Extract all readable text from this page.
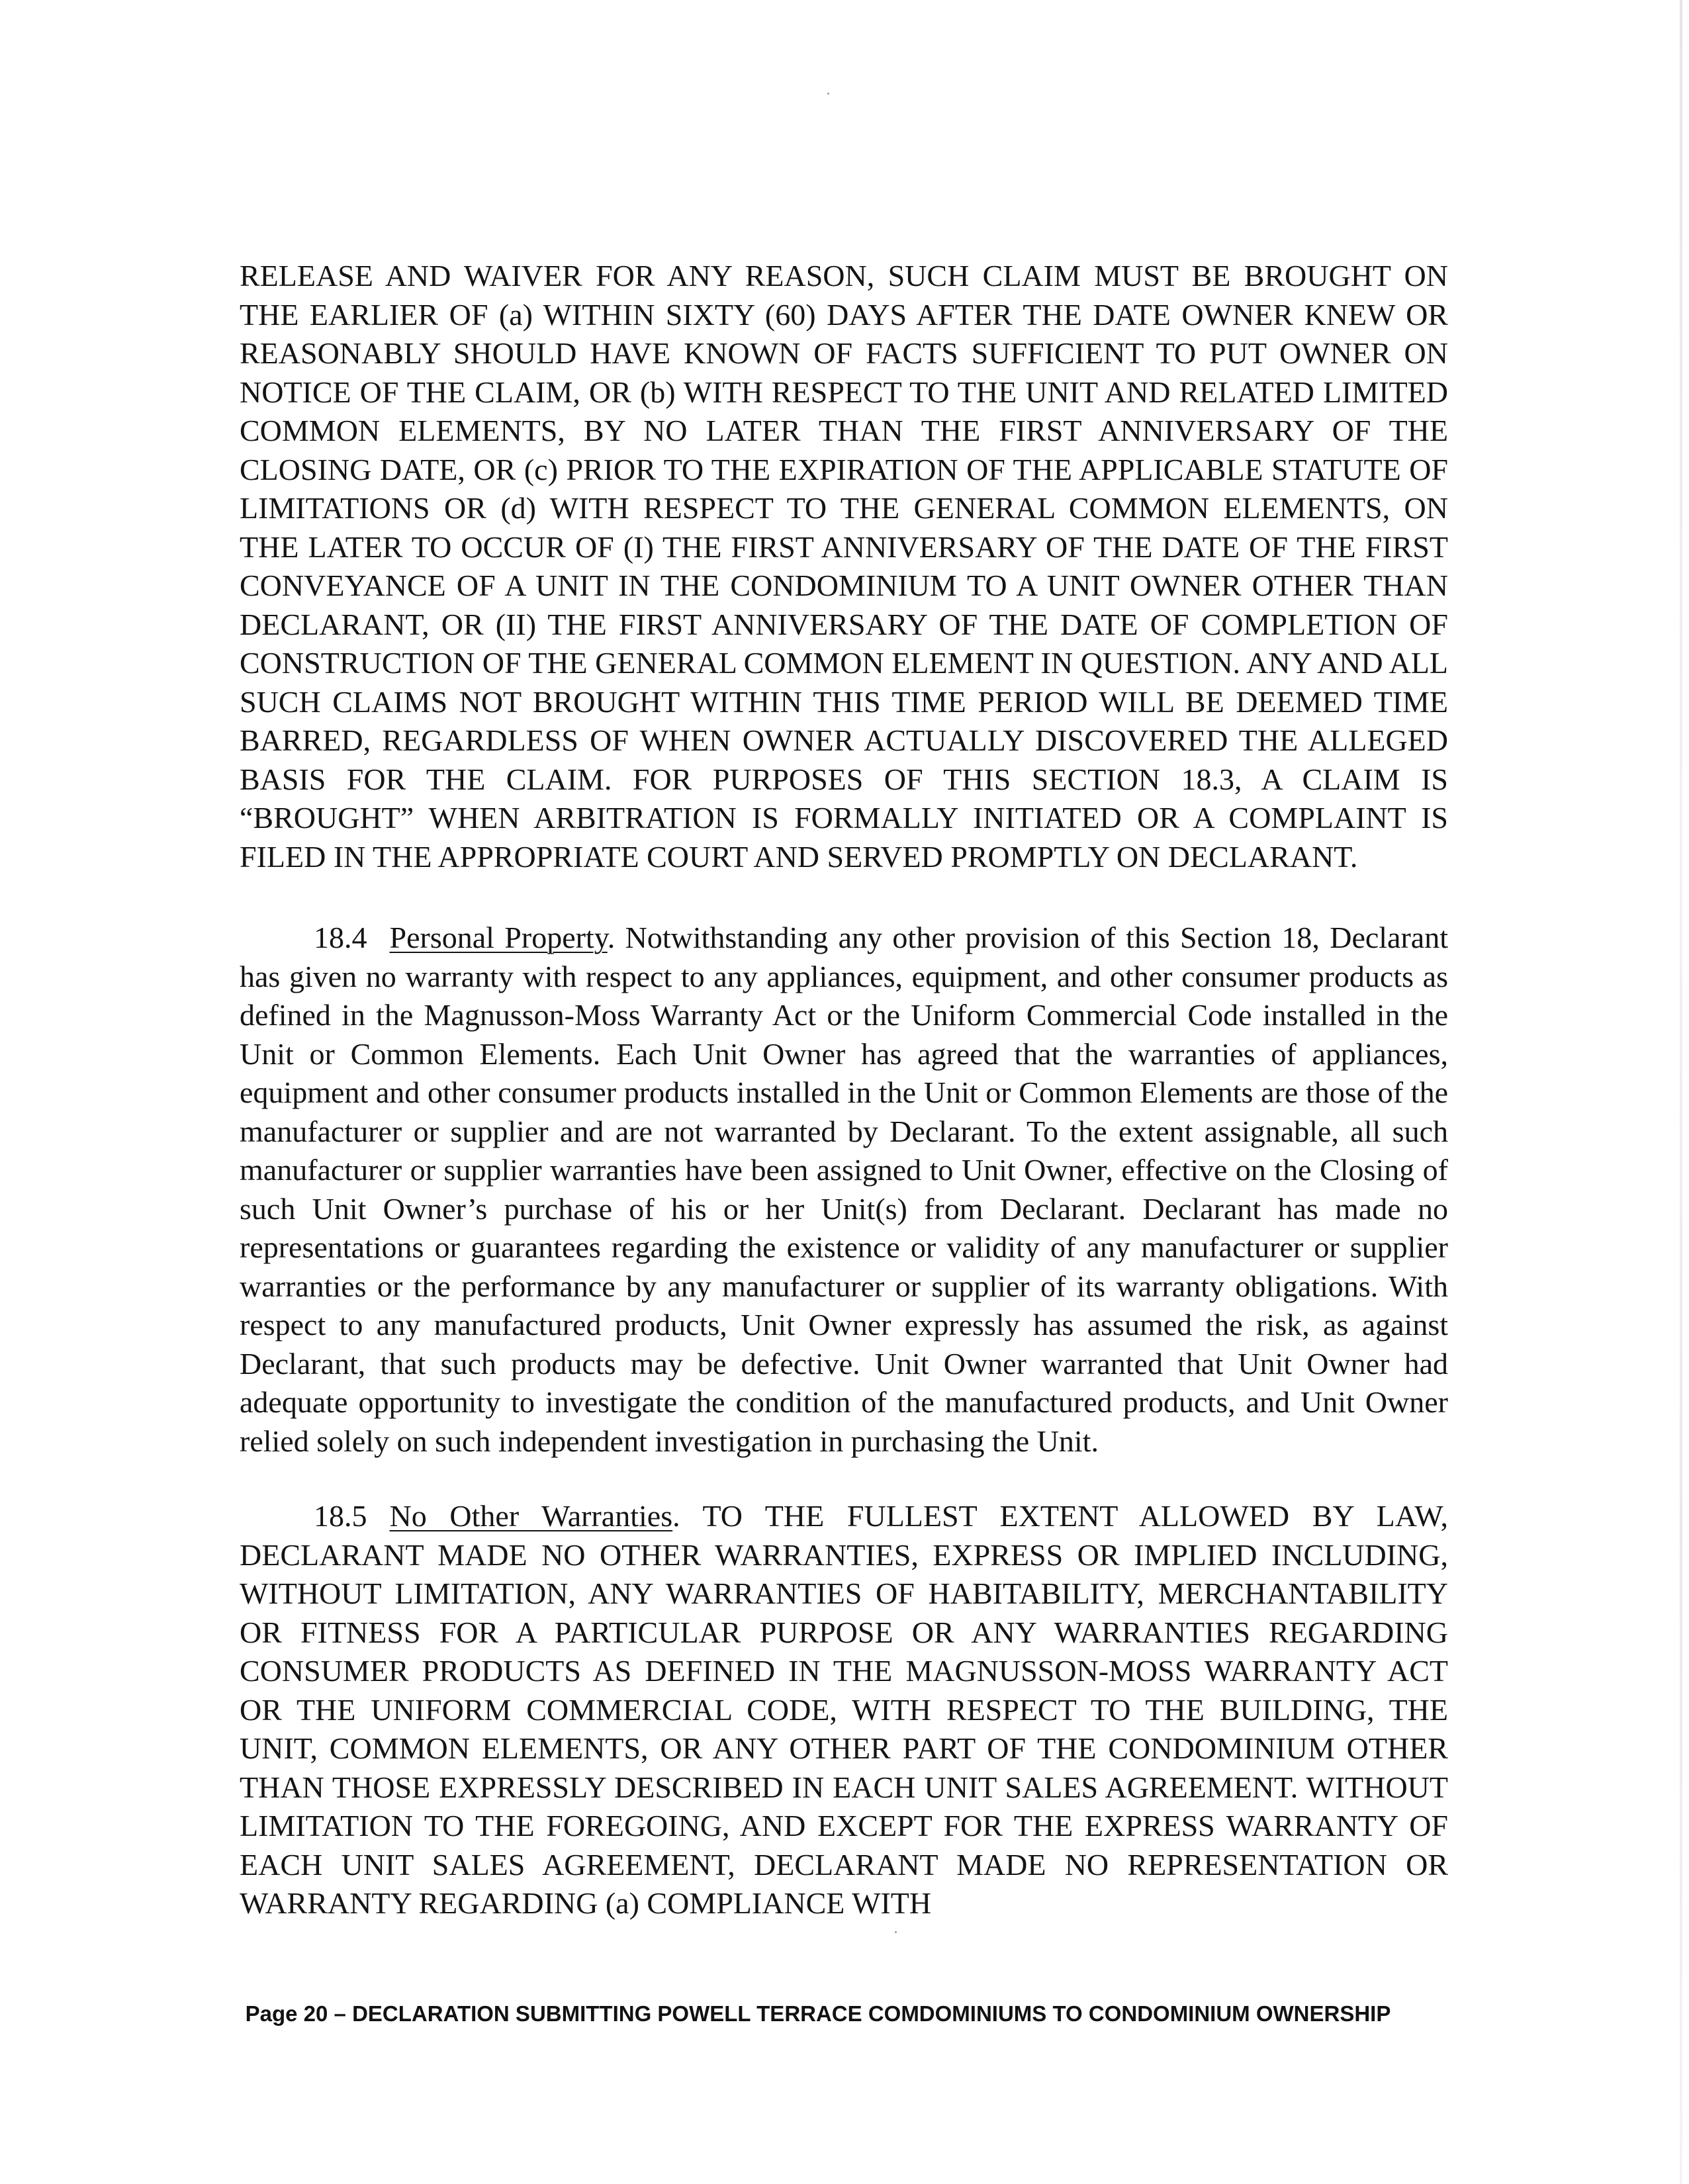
RELEASE AND WAIVER FOR ANY REASON, SUCH CLAIM MUST BE BROUGHT ON THE EARLIER OF (a) WITHIN SIXTY (60) DAYS AFTER THE DATE OWNER KNEW OR REASONABLY SHOULD HAVE KNOWN OF FACTS SUFFICIENT TO PUT OWNER ON NOTICE OF THE CLAIM, OR (b) WITH RESPECT TO THE UNIT AND RELATED LIMITED COMMON ELEMENTS, BY NO LATER THAN THE FIRST ANNIVERSARY OF THE CLOSING DATE, OR (c) PRIOR TO THE EXPIRATION OF THE APPLICABLE STATUTE OF LIMITATIONS OR (d) WITH RESPECT TO THE GENERAL COMMON ELEMENTS, ON THE LATER TO OCCUR OF (I) THE FIRST ANNIVERSARY OF THE DATE OF THE FIRST CONVEYANCE OF A UNIT IN THE CONDOMINIUM TO A UNIT OWNER OTHER THAN DECLARANT, OR (II) THE FIRST ANNIVERSARY OF THE DATE OF COMPLETION OF CONSTRUCTION OF THE GENERAL COMMON ELEMENT IN QUESTION. ANY AND ALL SUCH CLAIMS NOT BROUGHT WITHIN THIS TIME PERIOD WILL BE DEEMED TIME BARRED, REGARDLESS OF WHEN OWNER ACTUALLY DISCOVERED THE ALLEGED BASIS FOR THE CLAIM. FOR PURPOSES OF THIS SECTION 18.3, A CLAIM IS “BROUGHT” WHEN ARBITRATION IS FORMALLY INITIATED OR A COMPLAINT IS FILED IN THE APPROPRIATE COURT AND SERVED PROMPTLY ON DECLARANT.

18.4 Personal Property. Notwithstanding any other provision of this Section 18, Declarant has given no warranty with respect to any appliances, equipment, and other consumer products as defined in the Magnusson-Moss Warranty Act or the Uniform Commercial Code installed in the Unit or Common Elements. Each Unit Owner has agreed that the warranties of appliances, equipment and other consumer products installed in the Unit or Common Elements are those of the manufacturer or supplier and are not warranted by Declarant. To the extent assignable, all such manufacturer or supplier warranties have been assigned to Unit Owner, effective on the Closing of such Unit Owner’s purchase of his or her Unit(s) from Declarant. Declarant has made no representations or guarantees regarding the existence or validity of any manufacturer or supplier warranties or the performance by any manufacturer or supplier of its warranty obligations. With respect to any manufactured products, Unit Owner expressly has assumed the risk, as against Declarant, that such products may be defective. Unit Owner warranted that Unit Owner had adequate opportunity to investigate the condition of the manufactured products, and Unit Owner relied solely on such independent investigation in purchasing the Unit.

18.5 No Other Warranties. TO THE FULLEST EXTENT ALLOWED BY LAW, DECLARANT MADE NO OTHER WARRANTIES, EXPRESS OR IMPLIED INCLUDING, WITHOUT LIMITATION, ANY WARRANTIES OF HABITABILITY, MERCHANTABILITY OR FITNESS FOR A PARTICULAR PURPOSE OR ANY WARRANTIES REGARDING CONSUMER PRODUCTS AS DEFINED IN THE MAGNUSSON-MOSS WARRANTY ACT OR THE UNIFORM COMMERCIAL CODE, WITH RESPECT TO THE BUILDING, THE UNIT, COMMON ELEMENTS, OR ANY OTHER PART OF THE CONDOMINIUM OTHER THAN THOSE EXPRESSLY DESCRIBED IN EACH UNIT SALES AGREEMENT. WITHOUT LIMITATION TO THE FOREGOING, AND EXCEPT FOR THE EXPRESS WARRANTY OF EACH UNIT SALES AGREEMENT, DECLARANT MADE NO REPRESENTATION OR WARRANTY REGARDING (a) COMPLIANCE WITH

Page 20 – DECLARATION SUBMITTING POWELL TERRACE COMDOMINIUMS TO CONDOMINIUM OWNERSHIP
